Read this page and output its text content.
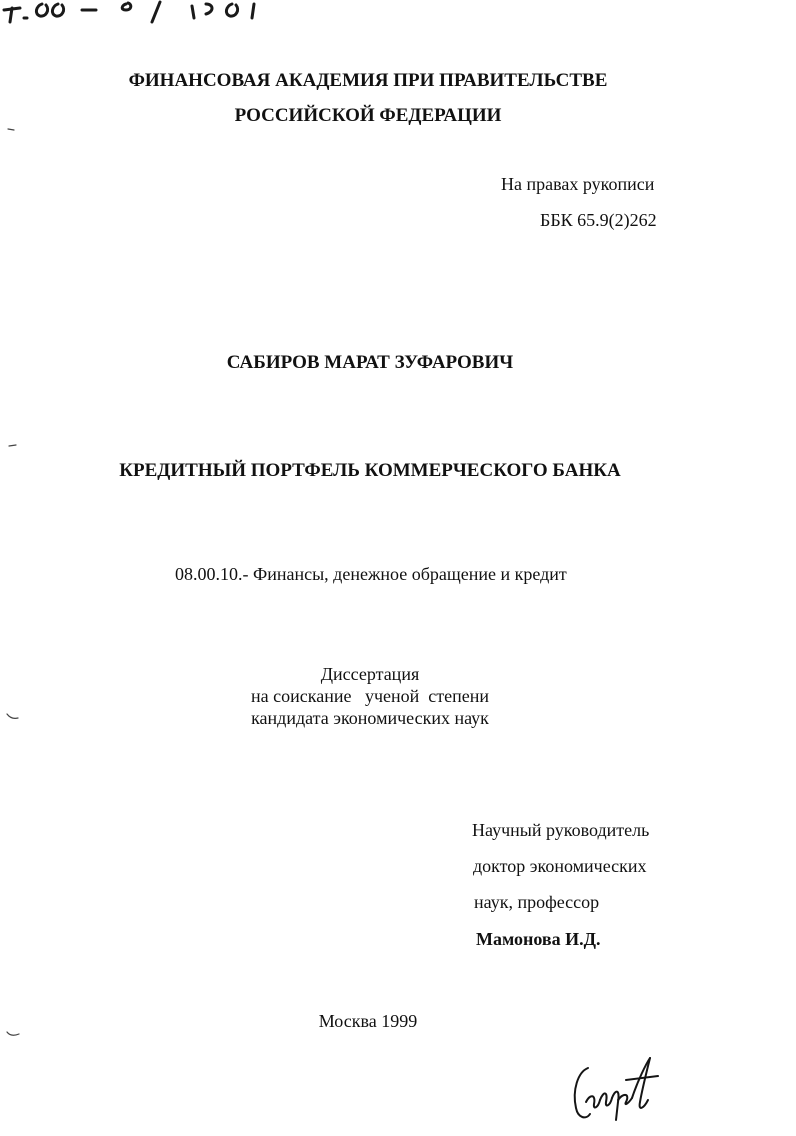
ФИНАНСОВАЯ АКАДЕМИЯ ПРИ ПРАВИТЕЛЬСТВЕ
РОССИЙСКОЙ ФЕДЕРАЦИИ
На правах рукописи
ББК 65.9(2)262
САБИРОВ МАРАТ ЗУФАРОВИЧ
КРЕДИТНЫЙ ПОРТФЕЛЬ КОММЕРЧЕСКОГО БАНКА
08.00.10.- Финансы, денежное обращение и кредит
Диссертация
на соискание   ученой  степени
кандидата экономических наук
Научный руководитель
доктор экономических
наук, профессор
Мамонова И.Д.
Москва 1999
